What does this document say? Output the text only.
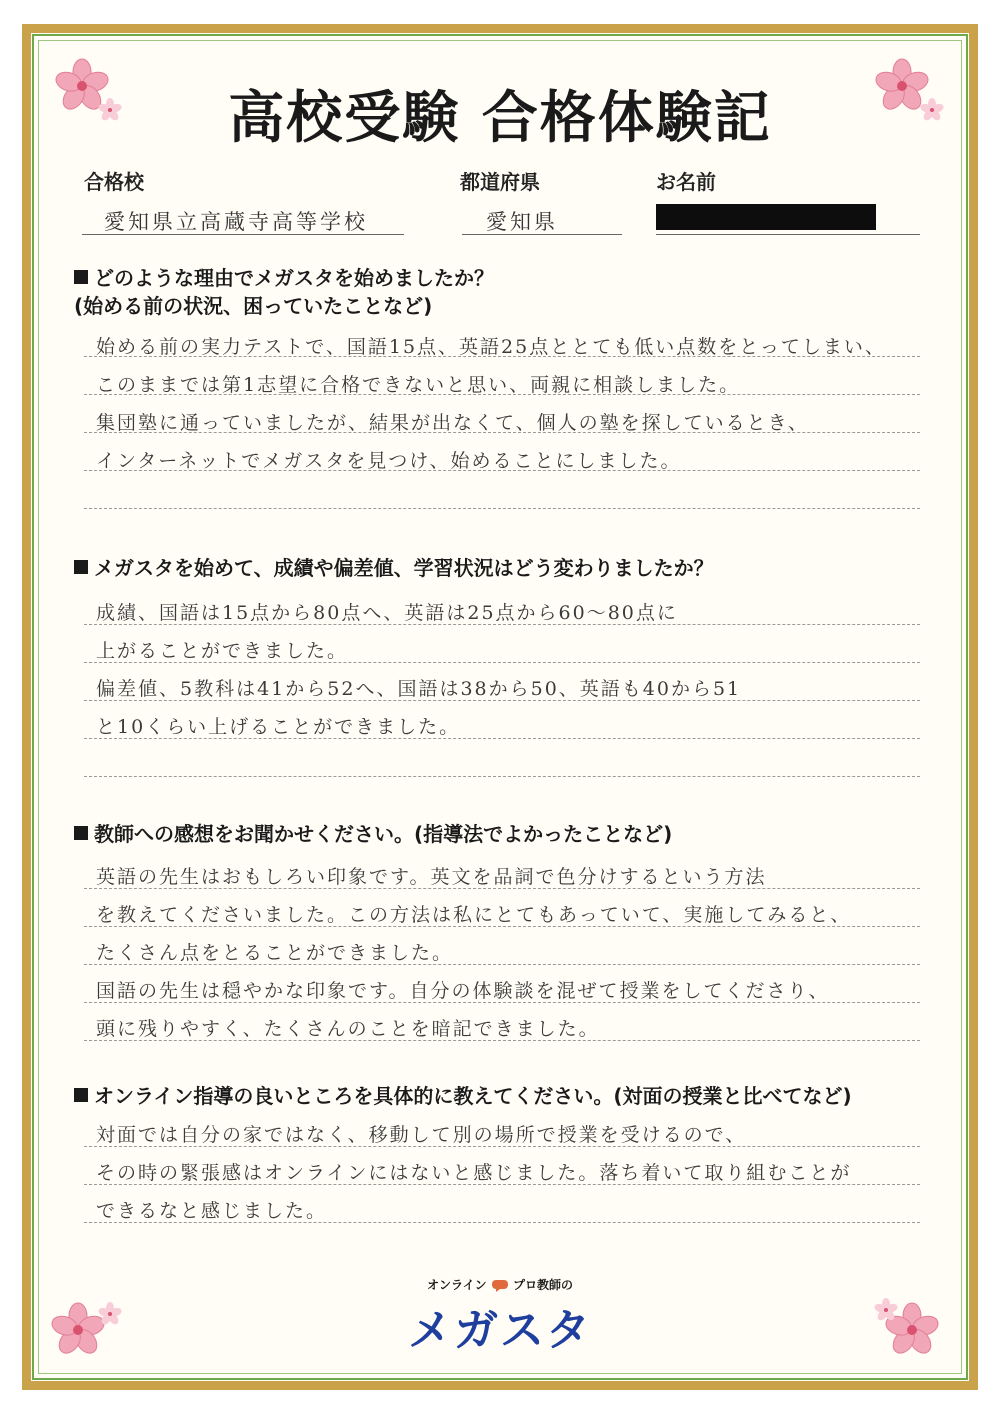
高校受験 合格体験記
合格校
愛知県立高蔵寺高等学校
都道府県
愛知県
お名前
どのような理由でメガスタを始めましたか？
(始める前の状況、困っていたことなど)
始める前の実力テストで、国語15点、英語25点ととても低い点数をとってしまい、
このままでは第1志望に合格できないと思い、両親に相談しました。
集団塾に通っていましたが、結果が出なくて、個人の塾を探しているとき、
インターネットでメガスタを見つけ、始めることにしました。
メガスタを始めて、成績や偏差値、学習状況はどう変わりましたか？
成績、国語は15点から80点へ、英語は25点から60〜80点に
上がることができました。
偏差値、5教科は41から52へ、国語は38から50、英語も40から51
と10くらい上げることができました。
教師への感想をお聞かせください。(指導法でよかったことなど)
英語の先生はおもしろい印象です。英文を品詞で色分けするという方法
を教えてくださいました。この方法は私にとてもあっていて、実施してみると、
たくさん点をとることができました。
国語の先生は穏やかな印象です。自分の体験談を混ぜて授業をしてくださり、
頭に残りやすく、たくさんのことを暗記できました。
オンライン指導の良いところを具体的に教えてください。(対面の授業と比べてなど)
対面では自分の家ではなく、移動して別の場所で授業を受けるので、
その時の緊張感はオンラインにはないと感じました。落ち着いて取り組むことが
できるなと感じました。
オンライン プロ教師の
メガスタ
